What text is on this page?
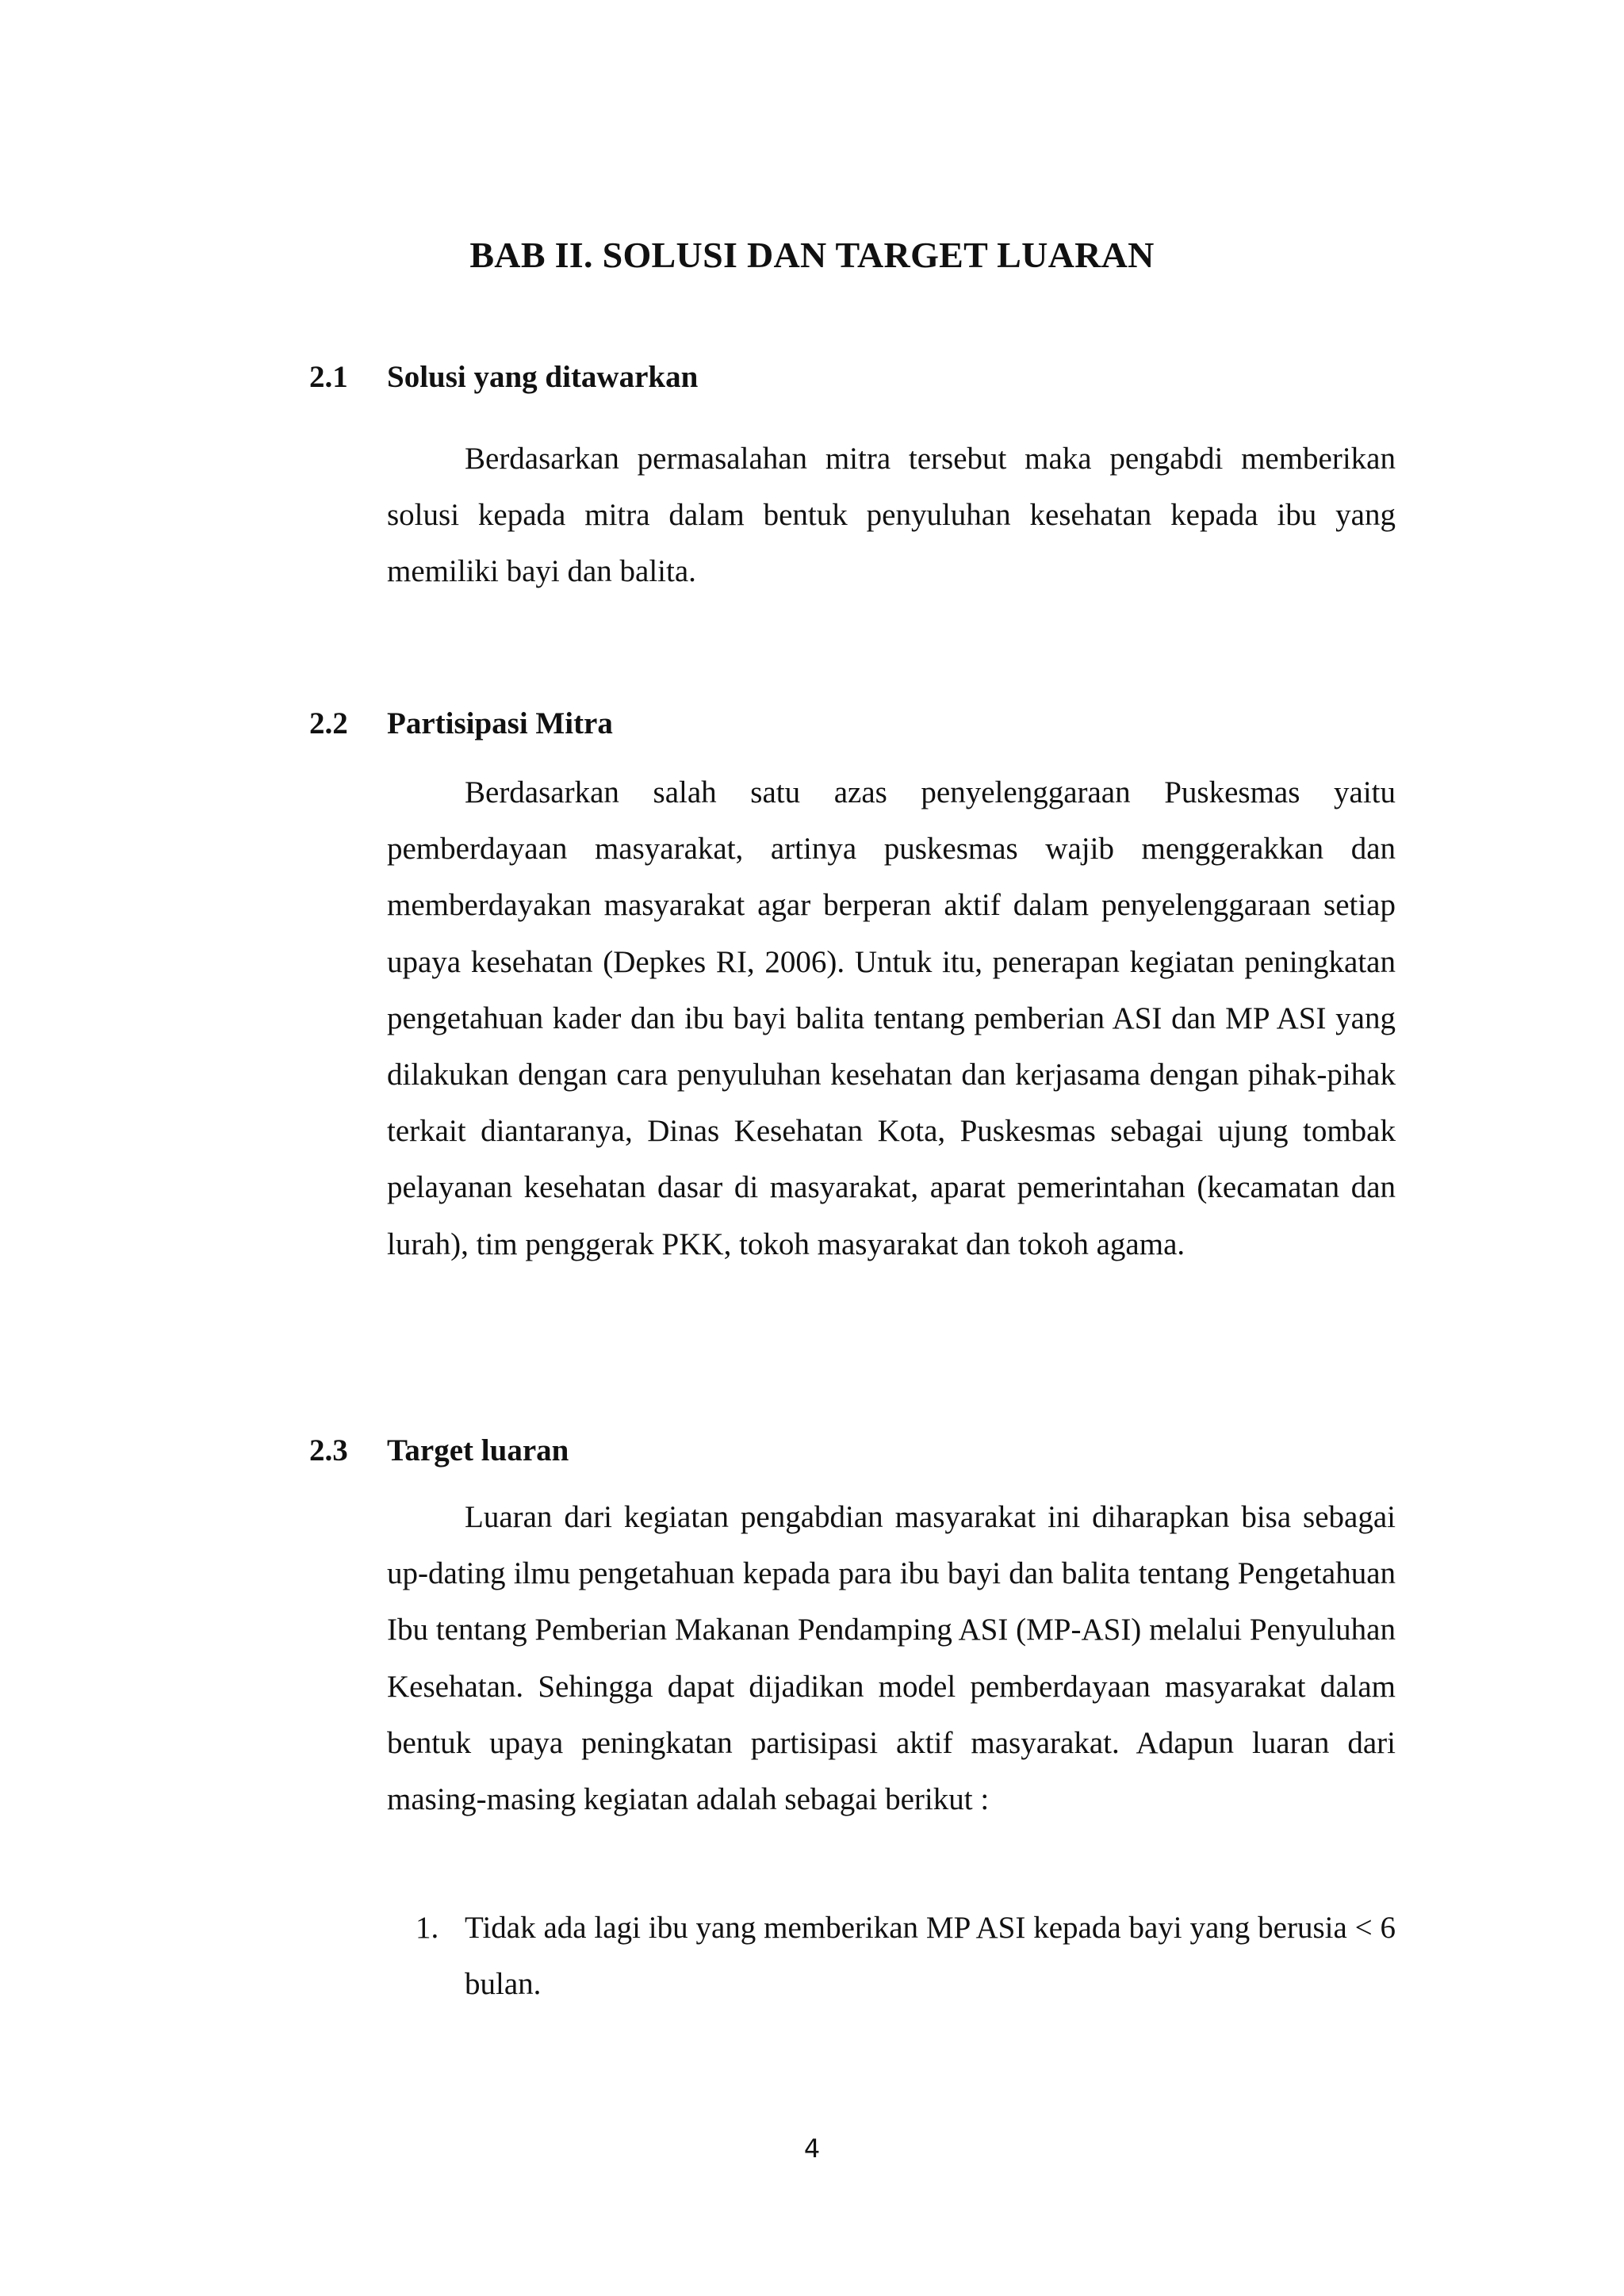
BAB II. SOLUSI DAN TARGET LUARAN
2.1 Solusi yang ditawarkan
Berdasarkan permasalahan mitra tersebut maka pengabdi memberikan solusi kepada mitra dalam bentuk penyuluhan kesehatan kepada ibu yang memiliki bayi dan balita.
2.2 Partisipasi Mitra
Berdasarkan salah satu azas penyelenggaraan Puskesmas yaitu pemberdayaan masyarakat, artinya puskesmas wajib menggerakkan dan memberdayakan masyarakat agar berperan aktif dalam penyelenggaraan setiap upaya kesehatan (Depkes RI, 2006). Untuk itu, penerapan kegiatan peningkatan pengetahuan kader dan ibu bayi balita tentang pemberian ASI dan MP ASI yang dilakukan dengan cara penyuluhan kesehatan dan kerjasama dengan pihak-pihak terkait diantaranya, Dinas Kesehatan Kota, Puskesmas sebagai ujung tombak pelayanan kesehatan dasar di masyarakat, aparat pemerintahan (kecamatan dan lurah), tim penggerak PKK, tokoh masyarakat dan tokoh agama.
2.3 Target luaran
Luaran dari kegiatan pengabdian masyarakat ini diharapkan bisa sebagai up-dating ilmu pengetahuan kepada para ibu bayi dan balita tentang Pengetahuan Ibu tentang Pemberian Makanan Pendamping ASI (MP-ASI) melalui Penyuluhan Kesehatan. Sehingga dapat dijadikan model pemberdayaan masyarakat dalam bentuk upaya peningkatan partisipasi aktif masyarakat. Adapun luaran dari masing-masing kegiatan adalah sebagai berikut :
1. Tidak ada lagi ibu yang memberikan MP ASI kepada bayi yang berusia < 6 bulan.
4
